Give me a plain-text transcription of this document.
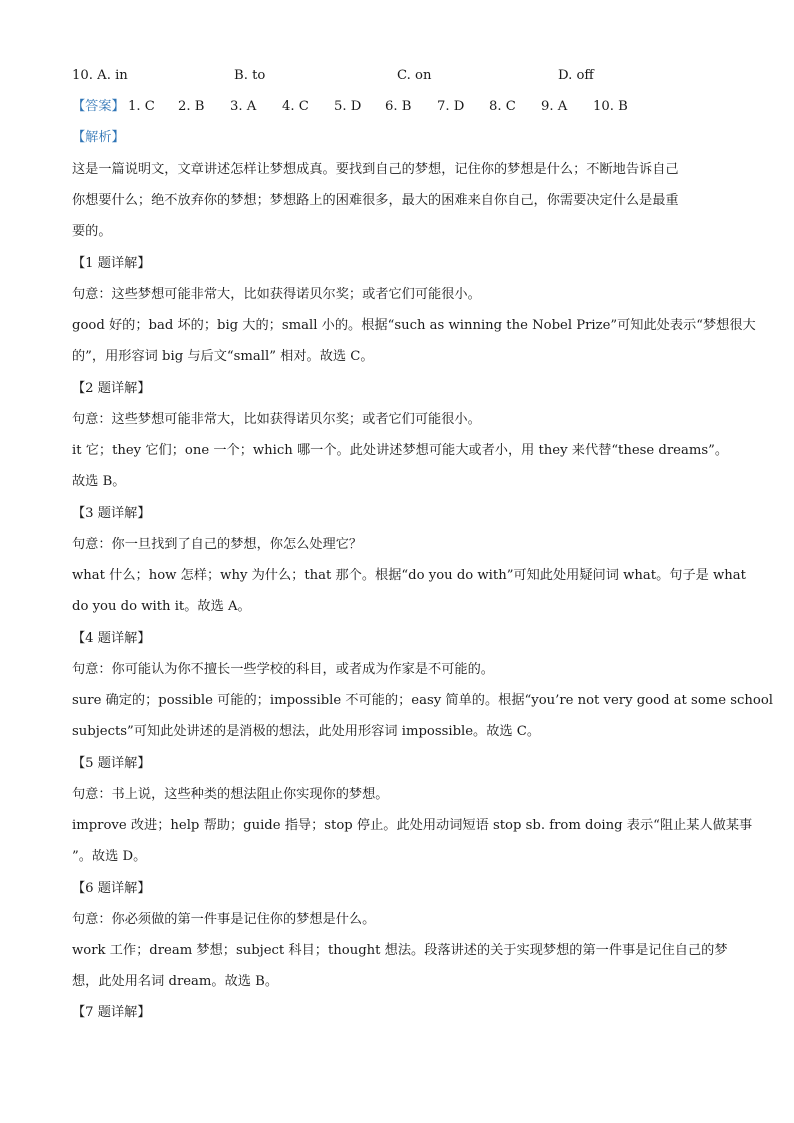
10. A. in	B. to	C. on	D. off
【答案】 1. C 2. B 3. A 4. C 5. D 6. B 7. D 8. C 9. A 10. B
【解析】
这是一篇说明文，文章讲述怎样让梦想成真。要找到自己的梦想，记住你的梦想是什么；不断地告诉自己
你想要什么；绝不放弃你的梦想；梦想路上的困难很多，最大的困难来自你自己，你需要决定什么是最重
要的。
【1 题详解】
句意：这些梦想可能非常大，比如获得诺贝尔奖；或者它们可能很小。
good 好的；bad 坏的；big 大的；small 小的。根据“such as winning the Nobel Prize”可知此处表示“梦想很大
的”，用形容词 big 与后文“small” 相对。故选 C。
【2 题详解】
句意：这些梦想可能非常大，比如获得诺贝尔奖；或者它们可能很小。
it 它；they 它们；one 一个；which 哪一个。此处讲述梦想可能大或者小，用 they 来代替“these dreams”。
故选 B。
【3 题详解】
句意：你一旦找到了自己的梦想，你怎么处理它？
what 什么；how 怎样；why 为什么；that 那个。根据“do you do with”可知此处用疑问词 what。句子是 what
do you do with it。故选 A。
【4 题详解】
句意：你可能认为你不擅长一些学校的科目，或者成为作家是不可能的。
sure 确定的；possible 可能的；impossible 不可能的；easy 简单的。根据“you’re not very good at some school
subjects”可知此处讲述的是消极的想法，此处用形容词 impossible。故选 C。
【5 题详解】
句意：书上说，这些种类的想法阻止你实现你的梦想。
improve 改进；help 帮助；guide 指导；stop 停止。此处用动词短语 stop sb. from doing 表示“阻止某人做某事
”。故选 D。
【6 题详解】
句意：你必须做的第一件事是记住你的梦想是什么。
work 工作；dream 梦想；subject 科目；thought 想法。段落讲述的关于实现梦想的第一件事是记住自己的梦
想，此处用名词 dream。故选 B。
【7 题详解】
